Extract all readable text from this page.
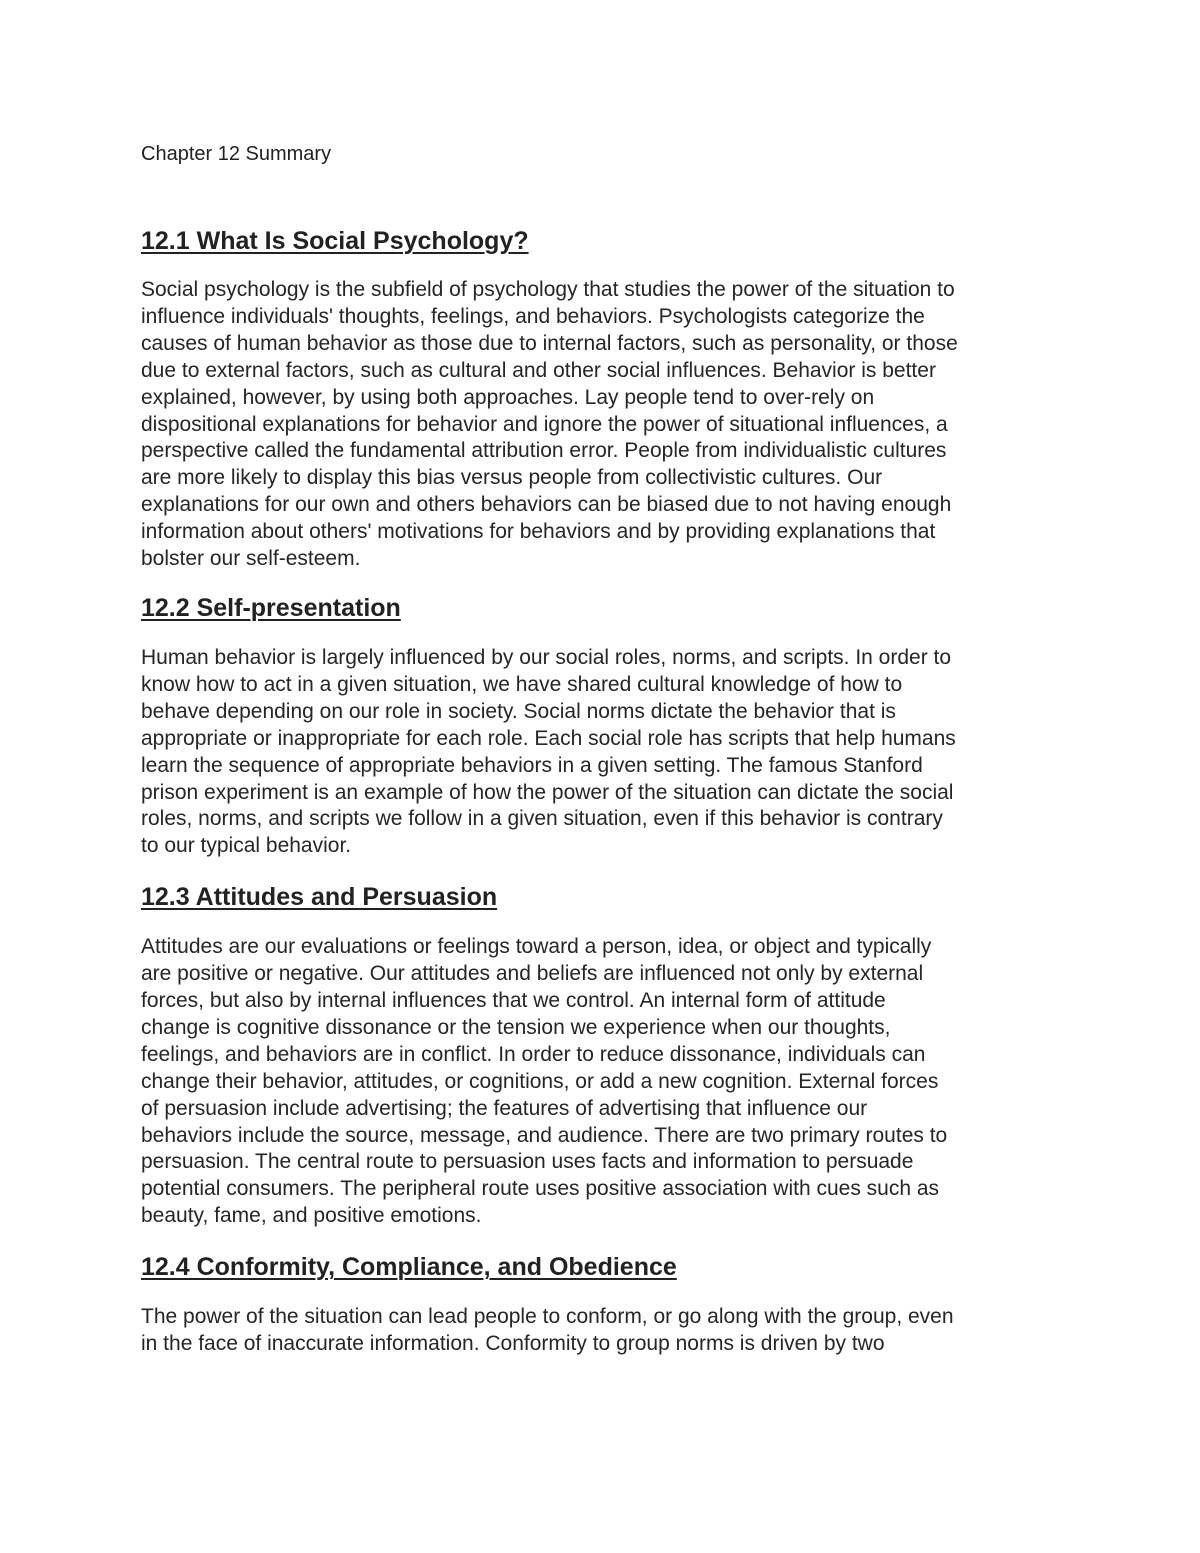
Chapter 12 Summary

12.1 What Is Social Psychology?

Social psychology is the subfield of psychology that studies the power of the situation to
influence individuals' thoughts, feelings, and behaviors. Psychologists categorize the
causes of human behavior as those due to internal factors, such as personality, or those
due to external factors, such as cultural and other social influences. Behavior is better
explained, however, by using both approaches. Lay people tend to over-rely on
dispositional explanations for behavior and ignore the power of situational influences, a
perspective called the fundamental attribution error. People from individualistic cultures
are more likely to display this bias versus people from collectivistic cultures. Our
explanations for our own and others behaviors can be biased due to not having enough
information about others' motivations for behaviors and by providing explanations that
bolster our self-esteem.

12.2 Self-presentation

Human behavior is largely influenced by our social roles, norms, and scripts. In order to
know how to act in a given situation, we have shared cultural knowledge of how to
behave depending on our role in society. Social norms dictate the behavior that is
appropriate or inappropriate for each role. Each social role has scripts that help humans
learn the sequence of appropriate behaviors in a given setting. The famous Stanford
prison experiment is an example of how the power of the situation can dictate the social
roles, norms, and scripts we follow in a given situation, even if this behavior is contrary
to our typical behavior.

12.3 Attitudes and Persuasion

Attitudes are our evaluations or feelings toward a person, idea, or object and typically
are positive or negative. Our attitudes and beliefs are influenced not only by external
forces, but also by internal influences that we control. An internal form of attitude
change is cognitive dissonance or the tension we experience when our thoughts,
feelings, and behaviors are in conflict. In order to reduce dissonance, individuals can
change their behavior, attitudes, or cognitions, or add a new cognition. External forces
of persuasion include advertising; the features of advertising that influence our
behaviors include the source, message, and audience. There are two primary routes to
persuasion. The central route to persuasion uses facts and information to persuade
potential consumers. The peripheral route uses positive association with cues such as
beauty, fame, and positive emotions.

12.4 Conformity, Compliance, and Obedience

The power of the situation can lead people to conform, or go along with the group, even
in the face of inaccurate information. Conformity to group norms is driven by two
